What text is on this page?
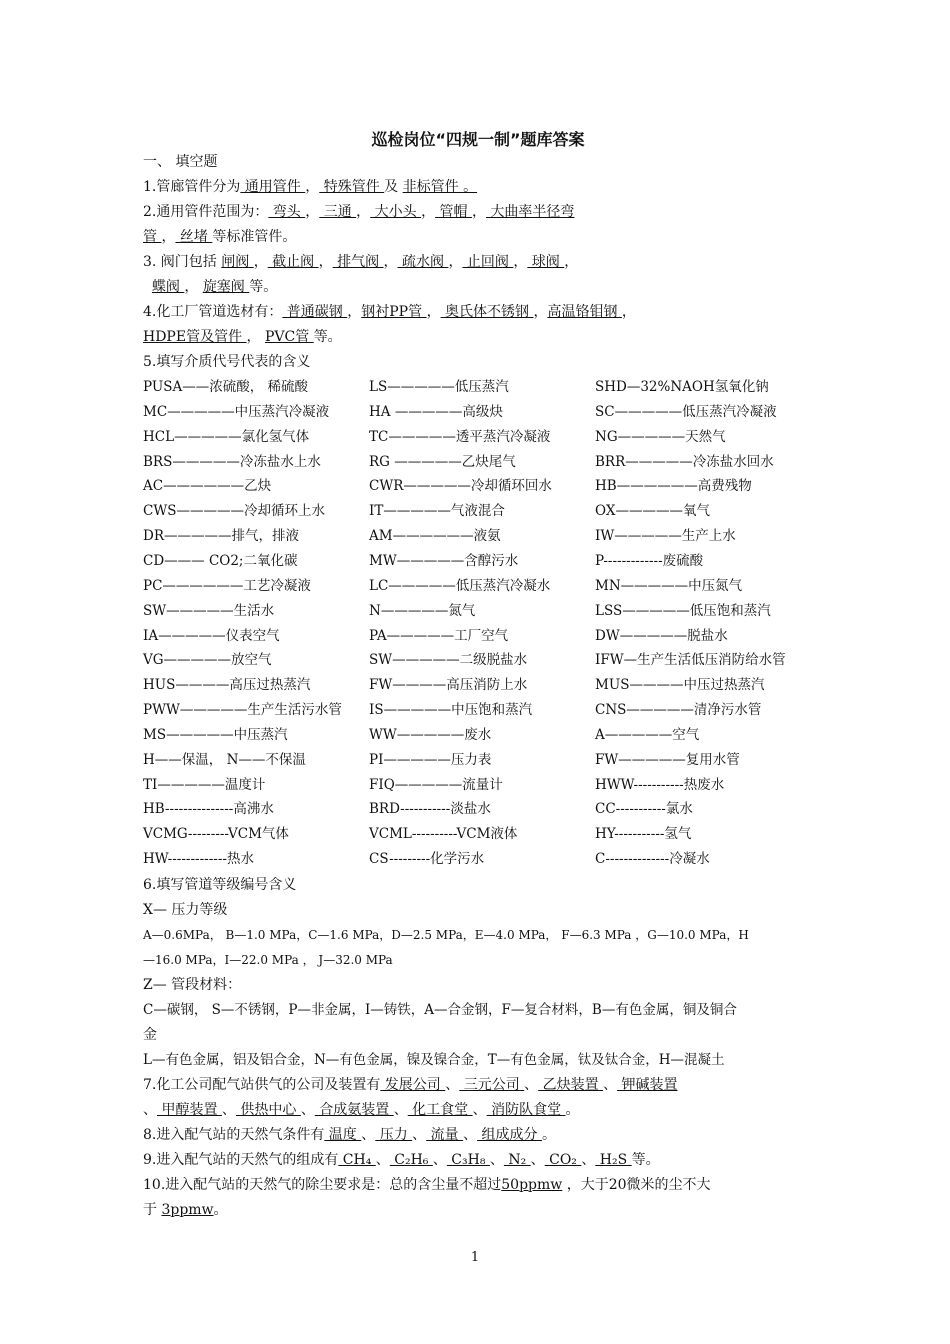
巡检岗位“四规一制”题库答案
一、 填空题
1.管廊管件分为 通用管件 ， 特殊管件 及 非标管件 。
2.通用管件范围为： 弯头 ， 三通 ， 大小头 ， 管帽 ， 大曲率半径弯
管 ， 丝堵 等标准管件。
3. 阀门包括 闸阀 ， 截止阀 ， 排气阀 ， 疏水阀 ， 止回阀 ， 球阀 ，
蝶阀 ， 旋塞阀 等。
4.化工厂管道选材有： 普通碳钢 ，钢衬PP管 ， 奥氏体不锈钢 ，高温铬钼钢 ，
HDPE管及管件 ， PVC管 等。
5.填写介质代号代表的含义
PUSA——浓硫酸， 稀硫酸	LS—————低压蒸汽	SHD—32%NAOH氢氧化钠
MC—————中压蒸汽冷凝液	HA —————高级炔	SC—————低压蒸汽冷凝液
HCL—————氯化氢气体	TC—————透平蒸汽冷凝液	NG—————天然气
BRS—————冷冻盐水上水	RG —————乙炔尾气	BRR—————冷冻盐水回水
AC——————乙炔	CWR—————冷却循环回水	HB——————高费残物
CWS—————冷却循环上水	IT—————气液混合	OX—————氧气
DR—————排气，排液	AM——————液氨	IW—————生产上水
CD——— CO2;二氧化碳	MW—————含醇污水	P-------------废硫酸
PC——————工艺冷凝液	LC—————低压蒸汽冷凝水	MN—————中压氮气
SW—————生活水	N—————氮气	LSS—————低压饱和蒸汽
IA—————仪表空气	PA—————工厂空气	DW—————脱盐水
VG—————放空气	SW—————二级脱盐水	IFW—生产生活低压消防给水管
HUS————高压过热蒸汽	FW————高压消防上水	MUS————中压过热蒸汽
PWW—————生产生活污水管 IS—————中压饱和蒸汽	CNS—————清净污水管
MS—————中压蒸汽	WW—————废水	A—————空气
H——保温， N——不保温	PI—————压力表	FW—————复用水管
TI—————温度计	FIQ—————流量计	HWW-----------热废水
HB---------------高沸水	BRD-----------淡盐水	CC-----------氯水
VCMG---------VCM气体	VCML----------VCM液体	HY-----------氢气
HW-------------热水	CS---------化学污水	C--------------冷凝水
6.填写管道等级编号含义
X— 压力等级
A—0.6MPa， B—1.0 MPa，C—1.6 MPa，D—2.5 MPa，E—4.0 MPa， F—6.3 MPa ，G—10.0 MPa，H
—16.0 MPa，I—22.0 MPa ， J—32.0 MPa
Z— 管段材料：
C—碳钢， S—不锈钢，P—非金属，I—铸铁，A—合金钢，F—复合材料，B—有色金属，铜及铜合
金
L—有色金属，铝及铝合金，N—有色金属，镍及镍合金，T—有色金属，钛及钛合金，H—混凝土
7.化工公司配气站供气的公司及装置有 发展公司 、 三元公司 、 乙炔装置 、 钾碱装置
、 甲醇装置 、 供热中心 、 合成氨装置 、 化工食堂 、 消防队食堂 。
8.进入配气站的天然气条件有 温度 、 压力 、 流量 、 组成成分 。
9.进入配气站的天然气的组成有 CH₄ 、 C₂H₆ 、 C₃H₈ 、 N₂ 、 CO₂ 、 H₂S 等。
10.进入配气站的天然气的除尘要求是：总的含尘量不超过50ppmw ，大于20微米的尘不大
于 3ppmw。
1
